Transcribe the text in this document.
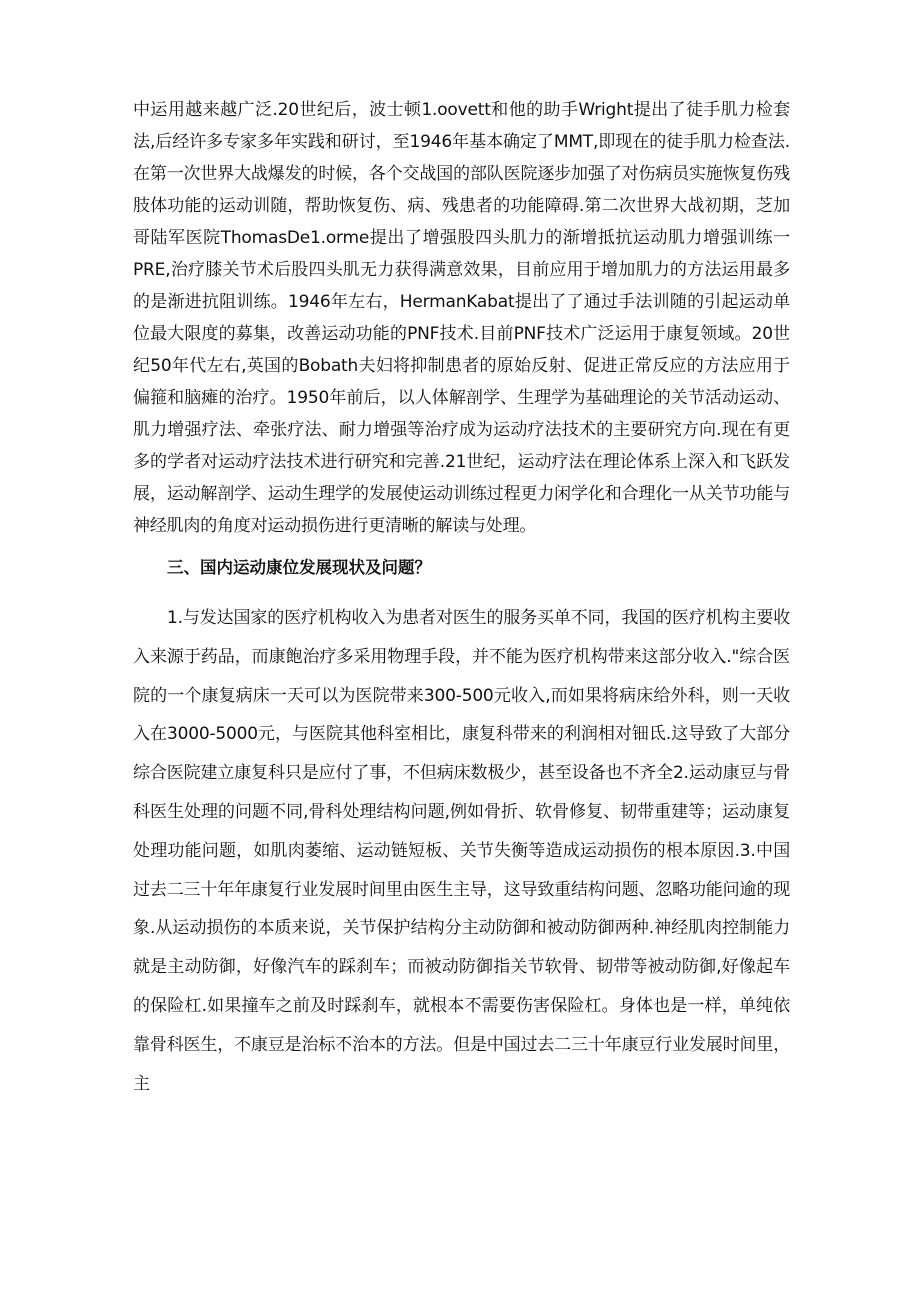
中运用越来越广泛.20世纪后，波士顿1.oovett和他的助手Wright提出了徒手肌力检套法,后经许多专家多年实践和研讨，至1946年基本确定了MMT,即现在的徒手肌力检查法.在第一次世界大战爆发的时候，各个交战国的部队医院逐步加强了对伤病员实施恢复伤残肢体功能的运动训随，帮助恢复伤、病、残患者的功能障碍.第二次世界大战初期，芝加哥陆军医院ThomasDe1.orme提出了增强股四头肌力的渐增抵抗运动肌力增强训练一PRE,治疗膝关节术后股四头肌无力获得满意效果，目前应用于增加肌力的方法运用最多的是渐进抗阻训练。1946年左右，HermanKabat提出了了通过手法训随的引起运动单位最大限度的募集，改善运动功能的PNF技术.目前PNF技术广泛运用于康复领域。20世纪50年代左右,英国的Bobath夫妇将抑制患者的原始反射、促进正常反应的方法应用于偏箍和脑瘫的治疗。1950年前后，以人体解剖学、生理学为基础理论的关节活动运动、肌力增强疗法、牵张疗法、耐力增强等治疗成为运动疗法技术的主要研究方向.现在有更多的学者对运动疗法技术进行研究和完善.21世纪，运动疗法在理论体系上深入和飞跃发展，运动解剖学、运动生理学的发展使运动训练过程更力闲学化和合理化一从关节功能与神经肌肉的角度对运动损伤进行更清晰的解读与处理。

三、国内运动康位发展现状及问题？

1.与发达国家的医疗机构收入为患者对医生的服务买单不同，我国的医疗机构主要收入来源于药品，而康飽治疗多采用物理手段，并不能为医疗机构带来这部分收入."综合医院的一个康复病床一天可以为医院带来300-500元收入,而如果将病床给外科，则一天收入在3000-5000元，与医院其他科室相比，康复科带来的利润相对钿氐.这导致了大部分综合医院建立康复科只是应付了事，不但病床数极少，甚至设备也不齐全2.运动康豆与骨科医生处理的问题不同,骨科处理结构问题,例如骨折、软骨修复、韧带重建等；运动康复处理功能问题，如肌肉萎缩、运动链短板、关节失衡等造成运动损伤的根本原因.3.中国过去二三十年年康复行业发展时间里由医生主导，这导致重结构问题、忽略功能问逾的现象.从运动损伤的本质来说，关节保护结构分主动防御和被动防御两种.神经肌肉控制能力就是主动防御，好像汽车的踩刹车；而被动防御指关节软骨、韧带等被动防御,好像起车的保险杠.如果撞车之前及时踩刹车，就根本不需要伤害保险杠。身体也是一样，单纯依靠骨科医生，不康豆是治标不治本的方法。但是中国过去二三十年康豆行业发展时间里，主
